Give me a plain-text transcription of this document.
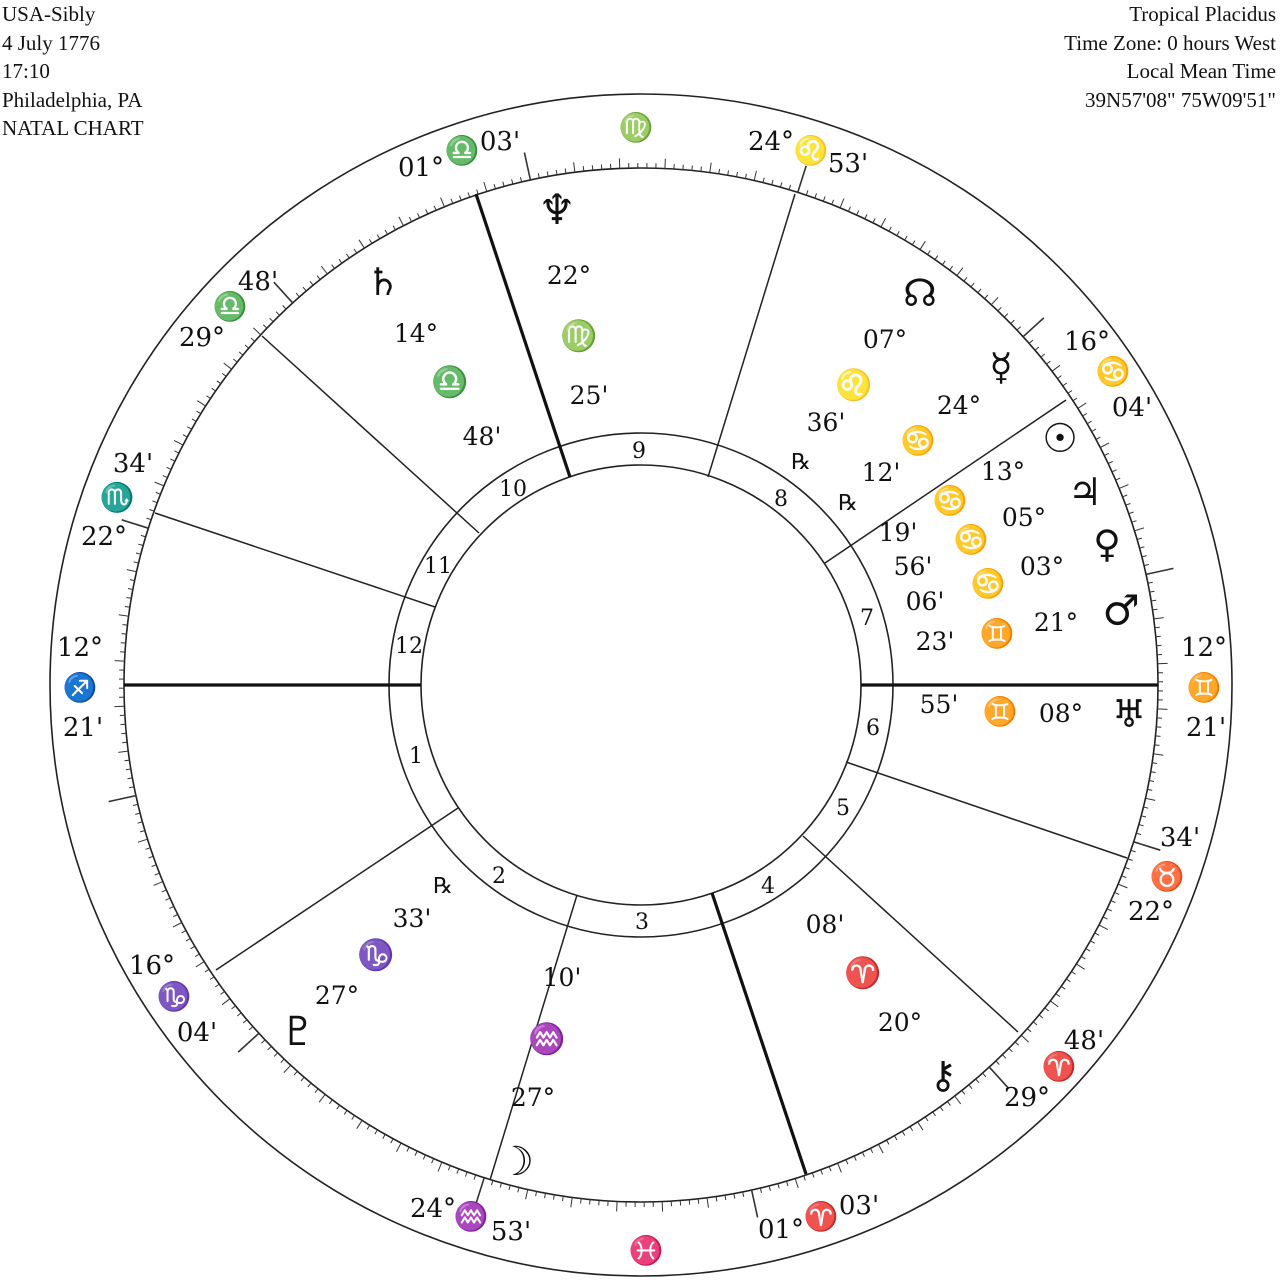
USA-Sibly
4 July 1776
17:10
Philadelphia, PA
NATAL CHART
Tropical Placidus
Time Zone: 0 hours West
Local Mean Time
39N57'08" 75W09'51"
1
2
3
4
5
6
7
8
9
10
11
12
12°
♐
21'
16°
♑
04'
24°
♒ 53'	01° ♈ 03'
29°
♈
48'
22°
♉
34'
12°
♊
21'
16°
♋
04'
24° ♌ 53'
01°
♎ 03'
29°
♎
48'
22°
♏
34'
♍
♓
♆
22°
♍
25'
♄
14°
♎
48'
☊
07°
♌
36'
℞
☿
24°
♋
12'
℞
☉
13°
♋
19'
♃
05°
♋
56'
♀
03°
♋
06'	♂
21°
♊
23'
♅
08°
♊
55'
⚷
20°
♈
08'
☽
27°
♒
10'
♇
27°
♑
33'
℞
